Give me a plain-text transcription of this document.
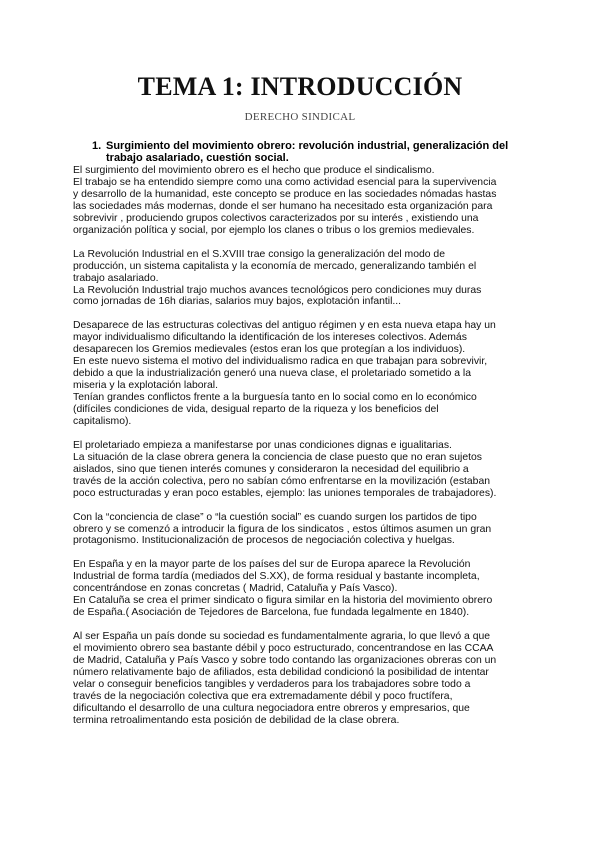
TEMA 1: INTRODUCCIÓN
DERECHO SINDICAL
1. Surgimiento del movimiento obrero: revolución industrial, generalización del
trabajo asalariado, cuestión social.
El surgimiento del movimiento obrero es el hecho que produce el sindicalismo.
El trabajo se ha entendido siempre como una como actividad esencial para la supervivencia
y desarrollo de la humanidad, este concepto se produce en las sociedades nómadas hastas
las sociedades más modernas, donde el ser humano ha necesitado esta organización para
sobrevivir , produciendo grupos colectivos caracterizados por su interés , existiendo una
organización política y social, por ejemplo los clanes o tribus o los gremios medievales.
La Revolución Industrial en el S.XVIII trae consigo la generalización del modo de
producción, un sistema capitalista y la economía de mercado, generalizando también el
trabajo asalariado.
La Revolución Industrial trajo muchos avances tecnológicos pero condiciones muy duras
como jornadas de 16h diarias, salarios muy bajos, explotación infantil...
Desaparece de las estructuras colectivas del antiguo régimen y en esta nueva etapa hay un
mayor individualismo dificultando la identificación de los intereses colectivos. Además
desaparecen los Gremios medievales (estos eran los que protegían a los individuos).
En este nuevo sistema el motivo del individualismo radica en que trabajan para sobrevivir,
debido a que la industrialización generó una nueva clase, el proletariado sometido a la
miseria y la explotación laboral.
Tenían grandes conflictos frente a la burguesía tanto en lo social como en lo económico
(difíciles condiciones de vida, desigual reparto de la riqueza y los beneficios del
capitalismo).
El proletariado empieza a manifestarse por unas condiciones dignas e igualitarias.
La situación de la clase obrera genera la conciencia de clase puesto que no eran sujetos
aislados, sino que tienen interés comunes y consideraron la necesidad del equilibrio a
través de la acción colectiva, pero no sabían cómo enfrentarse en la movilización (estaban
poco estructuradas y eran poco estables, ejemplo: las uniones temporales de trabajadores).
Con la “conciencia de clase” o “la cuestión social” es cuando surgen los partidos de tipo
obrero y se comenzó a introducir la figura de los sindicatos , estos últimos asumen un gran
protagonismo. Institucionalización de procesos de negociación colectiva y huelgas.
En España y en la mayor parte de los países del sur de Europa aparece la Revolución
Industrial de forma tardía (mediados del S.XX), de forma residual y bastante incompleta,
concentrándose en zonas concretas ( Madrid, Cataluña y País Vasco).
En Cataluña se crea el primer sindicato o figura similar en la historia del movimiento obrero
de España.( Asociación de Tejedores de Barcelona, fue fundada legalmente en 1840).
Al ser España un país donde su sociedad es fundamentalmente agraria, lo que llevó a que
el movimiento obrero sea bastante débil y poco estructurado, concentrandose en las CCAA
de Madrid, Cataluña y País Vasco y sobre todo contando las organizaciones obreras con un
número relativamente bajo de afiliados, esta debilidad condicionó la posibilidad de intentar
velar o conseguir beneficios tangibles y verdaderos para los trabajadores sobre todo a
través de la negociación colectiva que era extremadamente débil y poco fructífera,
dificultando el desarrollo de una cultura negociadora entre obreros y empresarios, que
termina retroalimentando esta posición de debilidad de la clase obrera.
